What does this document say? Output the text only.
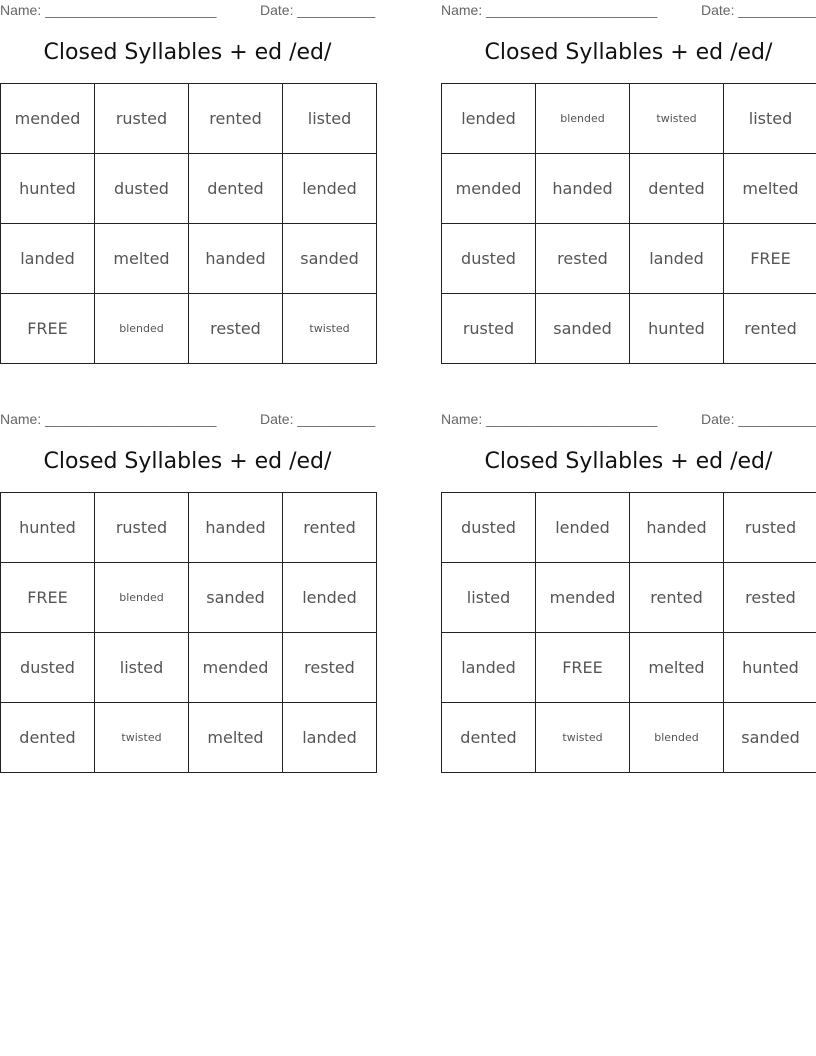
Name: ______________________	Date: __________
Closed Syllables + ed /ed/
mended	rusted	rented	listed
hunted	dusted	dented	lended
landed	melted	handed	sanded
FREE	blended	rested	twisted
Name: ______________________	Date: __________
Closed Syllables + ed /ed/
lended	blended	twisted	listed
mended	handed	dented	melted
dusted	rested	landed	FREE
rusted	sanded	hunted	rented
Name: ______________________	Date: __________
Closed Syllables + ed /ed/
hunted	rusted	handed	rented
FREE	blended	sanded	lended
dusted	listed	mended	rested
dented	twisted	melted	landed
Name: ______________________	Date: __________
Closed Syllables + ed /ed/
dusted	lended	handed	rusted
listed	mended	rented	rested
landed	FREE	melted	hunted
dented	twisted	blended	sanded
